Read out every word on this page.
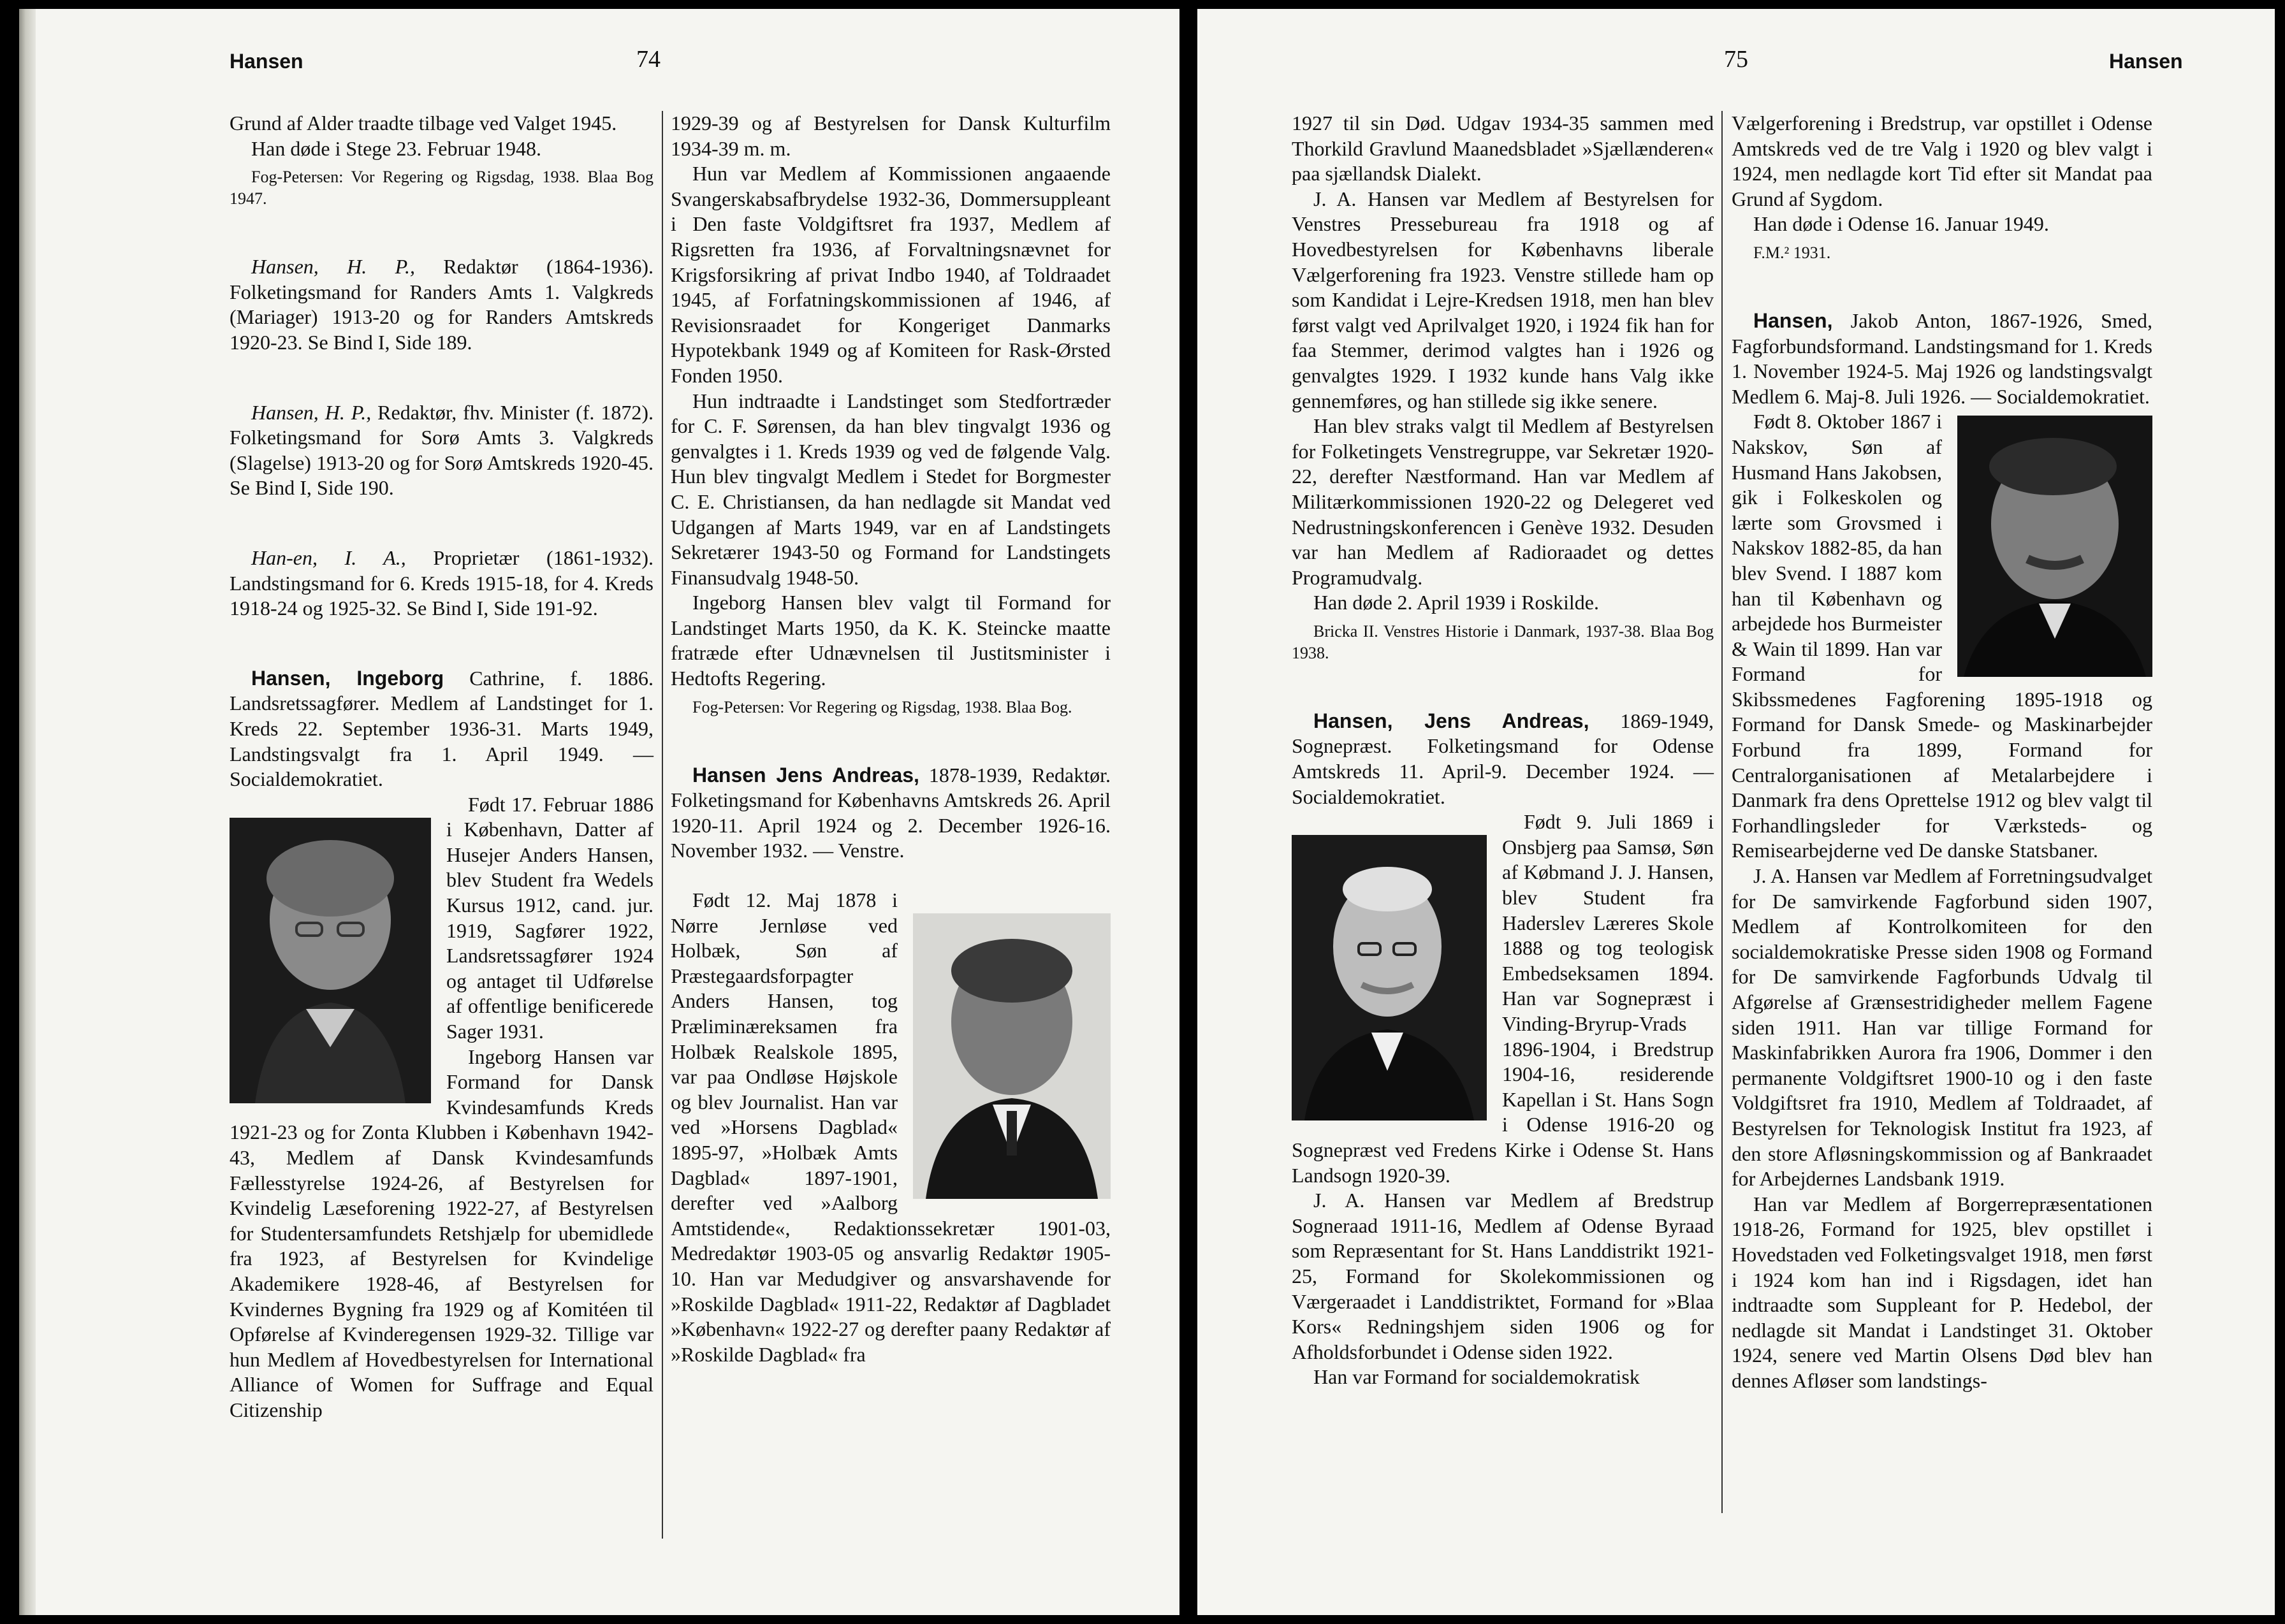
Hansen	74

Grund af Alder traadte tilbage ved Valget 1945.

Han døde i Stege 23. Februar 1948.

Fog-Petersen: Vor Regering og Rigsdag, 1938. Blaa Bog 1947.

Hansen, H. P., Redaktør (1864-1936). Folketingsmand for Randers Amts 1. Valgkreds (Mariager) 1913-20 og for Randers Amtskreds 1920-23. Se Bind I, Side 189.

Hansen, H. P., Redaktør, fhv. Minister (f. 1872). Folketingsmand for Sorø Amts 3. Valgkreds (Slagelse) 1913-20 og for Sorø Amtskreds 1920-45. Se Bind I, Side 190.

Han-en, I. A., Proprietær (1861-1932). Landstingsmand for 6. Kreds 1915-18, for 4. Kreds 1918-24 og 1925-32. Se Bind I, Side 191-92.

Hansen, Ingeborg Cathrine, f. 1886. Landsretssagfører. Medlem af Landstinget for 1. Kreds 22. September 1936-31. Marts 1949, Landstingsvalgt fra 1. April 1949. — Socialdemokratiet.

Født 17. Februar 1886 i København, Datter af Husejer Anders Hansen, blev Student fra Wedels Kursus 1912, cand. jur. 1919, Sagfører 1922, Landsretssagfører 1924 og antaget til Udførelse af offentlige benificerede Sager 1931.

Ingeborg Hansen var Formand for Dansk Kvindesamfunds Kreds 1921-23 og for Zonta Klubben i København 1942-43, Medlem af Dansk Kvindesamfunds Fællesstyrelse 1924-26, af Bestyrelsen for Kvindelig Læseforening 1922-27, af Bestyrelsen for Studentersamfundets Retshjælp for ubemidlede fra 1923, af Bestyrelsen for Kvindelige Akademikere 1928-46, af Bestyrelsen for Kvindernes Bygning fra 1929 og af Komitéen til Opførelse af Kvinderegensen 1929-32. Tillige var hun Medlem af Hovedbestyrelsen for International Alliance of Women for Suffrage and Equal Citizenship

1929-39 og af Bestyrelsen for Dansk Kulturfilm 1934-39 m. m.

Hun var Medlem af Kommissionen angaaende Svangerskabsafbrydelse 1932-36, Dommersuppleant i Den faste Voldgiftsret fra 1937, Medlem af Rigsretten fra 1936, af Forvaltningsnævnet for Krigsforsikring af privat Indbo 1940, af Toldraadet 1945, af Forfatningskommissionen af 1946, af Revisionsraadet for Kongeriget Danmarks Hypotekbank 1949 og af Komiteen for Rask-Ørsted Fonden 1950.

Hun indtraadte i Landstinget som Stedfortræder for C. F. Sørensen, da han blev tingvalgt 1936 og genvalgtes i 1. Kreds 1939 og ved de følgende Valg. Hun blev tingvalgt Medlem i Stedet for Borgmester C. E. Christiansen, da han nedlagde sit Mandat ved Udgangen af Marts 1949, var en af Landstingets Sekretærer 1943-50 og Formand for Landstingets Finansudvalg 1948-50.

Ingeborg Hansen blev valgt til Formand for Landstinget Marts 1950, da K. K. Steincke maatte fratræde efter Udnævnelsen til Justitsminister i Hedtofts Regering.

Fog-Petersen: Vor Regering og Rigsdag, 1938. Blaa Bog.

Hansen Jens Andreas, 1878-1939, Redaktør. Folketingsmand for Københavns Amtskreds 26. April 1920-11. April 1924 og 2. December 1926-16. November 1932. — Venstre.

Født 12. Maj 1878 i Nørre Jernløse ved Holbæk, Søn af Præstegaardsforpagter Anders Hansen, tog Præliminæreksamen fra Holbæk Realskole 1895, var paa Ondløse Højskole og blev Journalist. Han var ved »Horsens Dagblad« 1895-97, »Holbæk Amts Dagblad« 1897-1901, derefter ved »Aalborg Amtstidende«, Redaktionssekretær 1901-03, Medredaktør 1903-05 og ansvarlig Redaktør 1905-10. Han var Medudgiver og ansvarshavende for »Roskilde Dagblad« 1911-22, Redaktør af Dagbladet »København« 1922-27 og derefter paany Redaktør af »Roskilde Dagblad« fra

75	Hansen

1927 til sin Død. Udgav 1934-35 sammen med Thorkild Gravlund Maanedsbladet »Sjællænderen« paa sjællandsk Dialekt.

J. A. Hansen var Medlem af Bestyrelsen for Venstres Pressebureau fra 1918 og af Hovedbestyrelsen for Københavns liberale Vælgerforening fra 1923. Venstre stillede ham op som Kandidat i Lejre-Kredsen 1918, men han blev først valgt ved Aprilvalget 1920, i 1924 fik han for faa Stemmer, derimod valgtes han i 1926 og genvalgtes 1929. I 1932 kunde hans Valg ikke gennemføres, og han stillede sig ikke senere.

Han blev straks valgt til Medlem af Bestyrelsen for Folketingets Venstregruppe, var Sekretær 1920-22, derefter Næstformand. Han var Medlem af Militærkommissionen 1920-22 og Delegeret ved Nedrustningskonferencen i Genève 1932. Desuden var han Medlem af Radioraadet og dettes Programudvalg.

Han døde 2. April 1939 i Roskilde.

Bricka II. Venstres Historie i Danmark, 1937-38. Blaa Bog 1938.

Hansen, Jens Andreas, 1869-1949, Sognepræst. Folketingsmand for Odense Amtskreds 11. April-9. December 1924. — Socialdemokratiet.

Født 9. Juli 1869 i Onsbjerg paa Samsø, Søn af Købmand J. J. Hansen, blev Student fra Haderslev Læreres Skole 1888 og tog teologisk Embedseksamen 1894. Han var Sognepræst i Vinding-Bryrup-Vrads 1896-1904, i Bredstrup 1904-16, residerende Kapellan i St. Hans Sogn i Odense 1916-20 og Sognepræst ved Fredens Kirke i Odense St. Hans Landsogn 1920-39.

J. A. Hansen var Medlem af Bredstrup Sogneraad 1911-16, Medlem af Odense Byraad som Repræsentant for St. Hans Landdistrikt 1921-25, Formand for Skolekommissionen og Værgeraadet i Landdistriktet, Formand for »Blaa Kors« Redningshjem siden 1906 og for Afholdsforbundet i Odense siden 1922.

Han var Formand for socialdemokratisk

Vælgerforening i Bredstrup, var opstillet i Odense Amtskreds ved de tre Valg i 1920 og blev valgt i 1924, men nedlagde kort Tid efter sit Mandat paa Grund af Sygdom.

Han døde i Odense 16. Januar 1949.

F.M.² 1931.

Hansen, Jakob Anton, 1867-1926, Smed, Fagforbundsformand. Landstingsmand for 1. Kreds 1. November 1924-5. Maj 1926 og landstingsvalgt Medlem 6. Maj-8. Juli 1926. — Socialdemokratiet.

Født 8. Oktober 1867 i Nakskov, Søn af Husmand Hans Jakobsen, gik i Folkeskolen og lærte som Grovsmed i Nakskov 1882-85, da han blev Svend. I 1887 kom han til København og arbejdede hos Burmeister & Wain til 1899. Han var Formand for Skibssmedenes Fagforening 1895-1918 og Formand for Dansk Smede- og Maskinarbejder Forbund fra 1899, Formand for Centralorganisationen af Metalarbejdere i Danmark fra dens Oprettelse 1912 og blev valgt til Forhandlingsleder for Værksteds- og Remisearbejderne ved De danske Statsbaner.

J. A. Hansen var Medlem af Forretningsudvalget for De samvirkende Fagforbund siden 1907, Medlem af Kontrolkomiteen for den socialdemokratiske Presse siden 1908 og Formand for De samvirkende Fagforbunds Udvalg til Afgørelse af Grænsestridigheder mellem Fagene siden 1911. Han var tillige Formand for Maskinfabrikken Aurora fra 1906, Dommer i den permanente Voldgiftsret 1900-10 og i den faste Voldgiftsret fra 1910, Medlem af Toldraadet, af Bestyrelsen for Teknologisk Institut fra 1923, af den store Afløsningskommission og af Bankraadet for Arbejdernes Landsbank 1919.

Han var Medlem af Borgerrepræsentationen 1918-26, Formand for 1925, blev opstillet i Hovedstaden ved Folketingsvalget 1918, men først i 1924 kom han ind i Rigsdagen, idet han indtraadte som Suppleant for P. Hedebol, der nedlagde sit Mandat i Landstinget 31. Oktober 1924, senere ved Martin Olsens Død blev han dennes Afløser som landstings-
